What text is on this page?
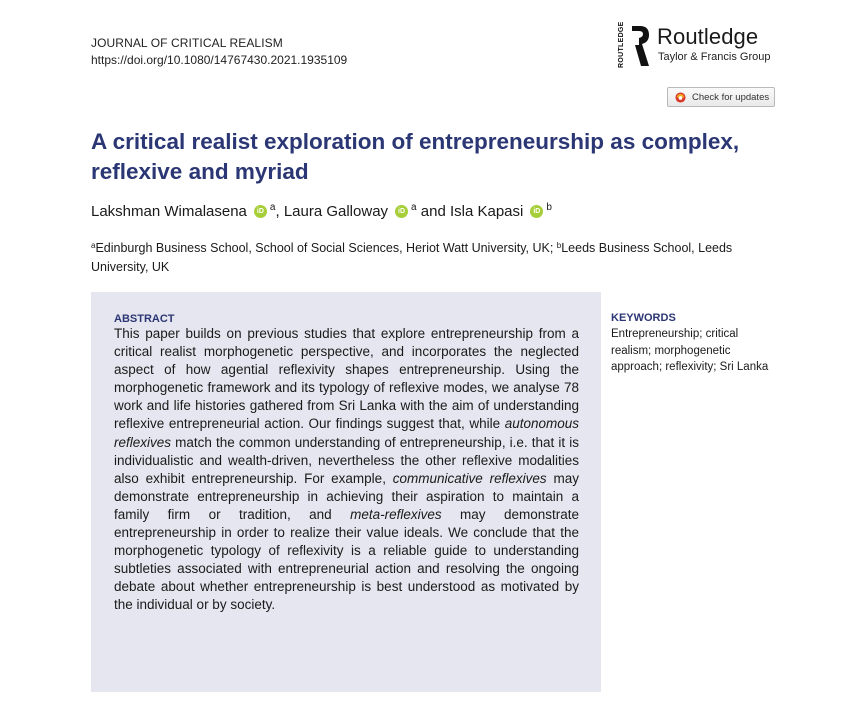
JOURNAL OF CRITICAL REALISM
https://doi.org/10.1080/14767430.2021.1935109	ROUTLEDGE Routledge
Taylor & Francis Group
Check for updates
A critical realist exploration of entrepreneurship as complex, reflexive and myriad
Lakshman Wimalasena iD $^a$, Laura Galloway iD $^a$ and Isla Kapasi iD $^b$
$^a$Edinburgh Business School, School of Social Sciences, Heriot Watt University, UK; $^b$Leeds Business School, Leeds University, UK
ABSTRACT

This paper builds on previous studies that explore entrepreneurship from a critical realist morphogenetic perspective, and incorporates the neglected aspect of how agential reflexivity shapes entrepreneurship. Using the morphogenetic framework and its typology of reflexive modes, we analyse 78 work and life histories gathered from Sri Lanka with the aim of understanding reflexive entrepreneurial action. Our findings suggest that, while autonomous reflexives match the common understanding of entrepreneurship, i.e. that it is individualistic and wealth-driven, nevertheless the other reflexive modalities also exhibit entrepreneurship. For example, communicative reflexives may demonstrate entrepreneurship in achieving their aspiration to maintain a family firm or tradition, and meta-reflexives may demonstrate entrepreneurship in order to realize their value ideals. We conclude that the morphogenetic typology of reflexivity is a reliable guide to understanding subtleties associated with entrepreneurial action and resolving the ongoing debate about whether entrepreneurship is best understood as motivated by the individual or by society.

KEYWORDS
Entrepreneurship; critical realism; morphogenetic approach; reflexivity; Sri Lanka
